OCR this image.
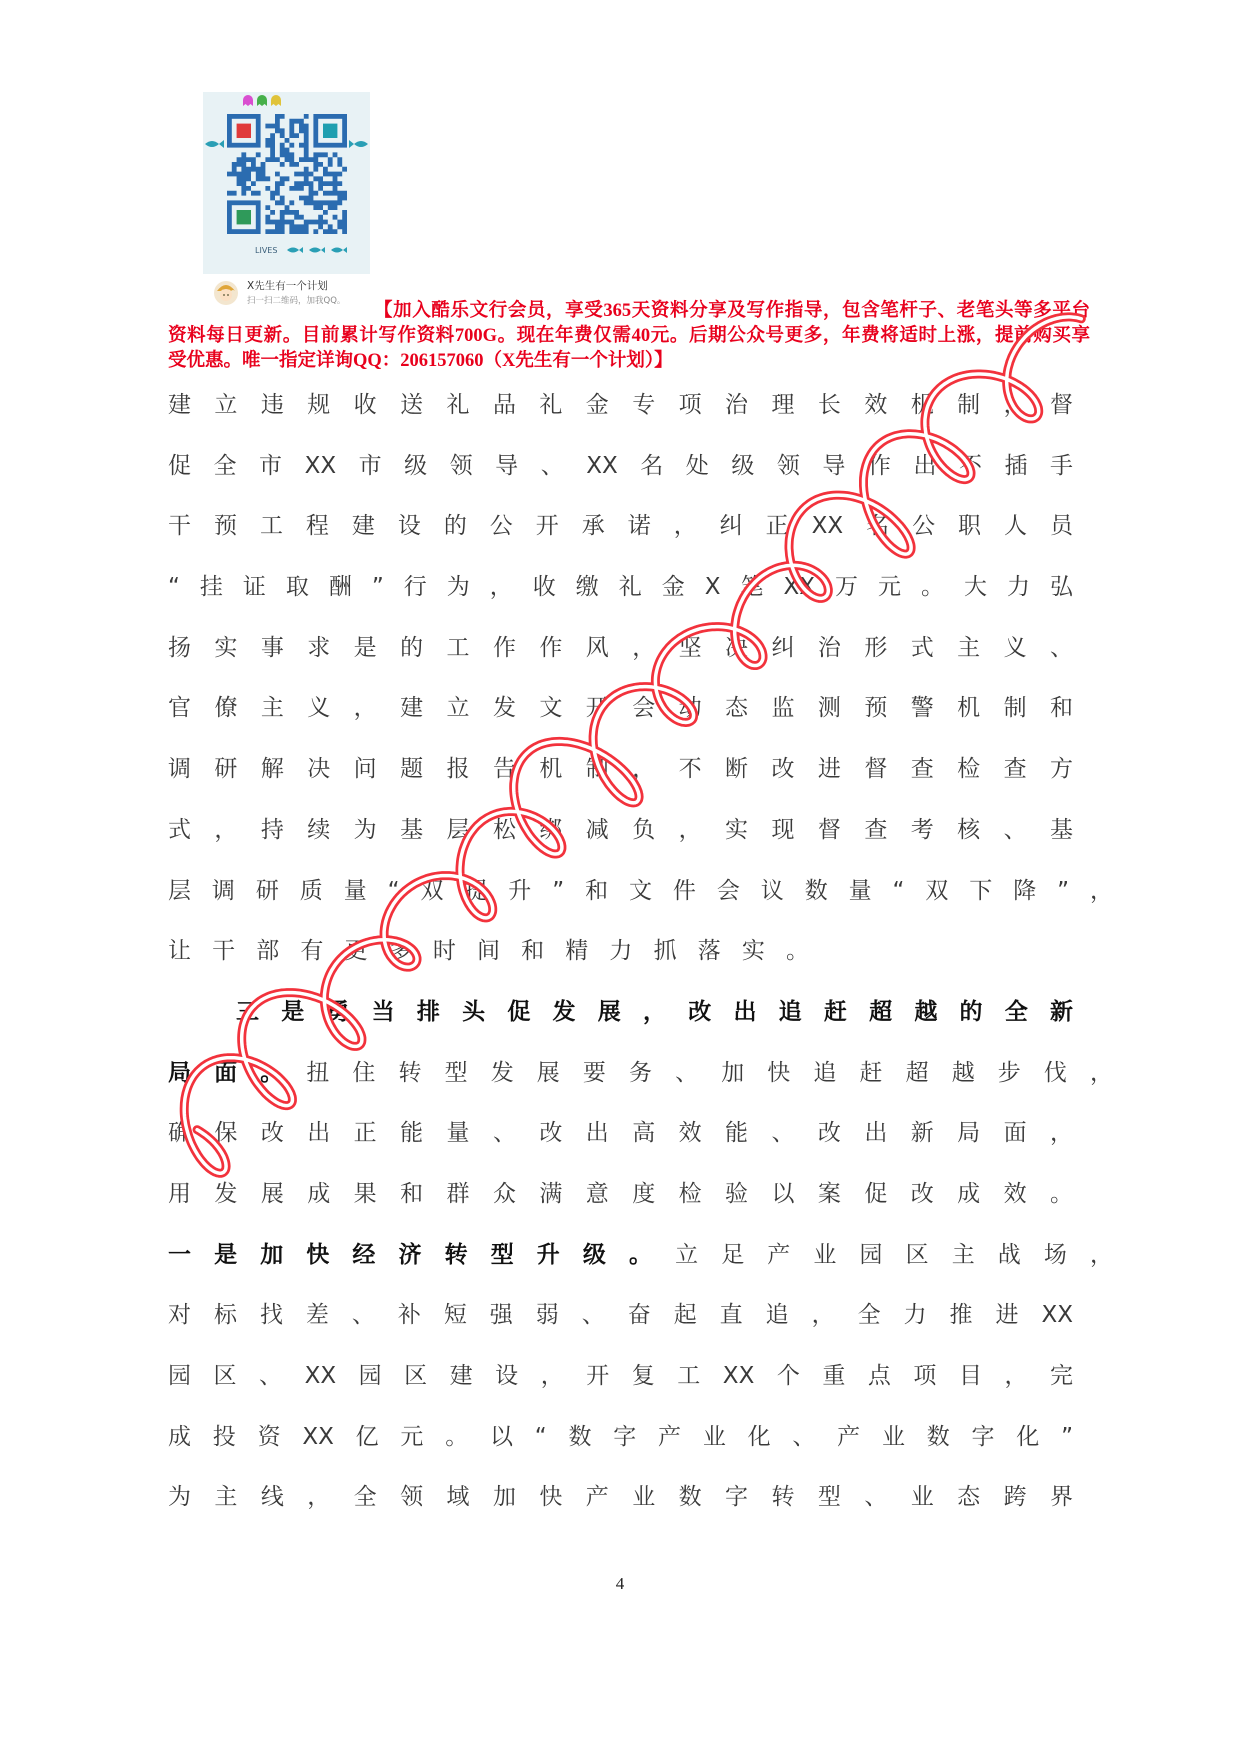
LIVES
X先生有一个计划
扫一扫二维码，加我QQ。 【加入酷乐文行会员，享受365天资料分享及写作指导，包含笔杆子、老笔头等多平台
资料每日更新。目前累计写作资料700G。现在年费仅需40元。后期公众号更多，年费将适时上涨，提前购买享
受优惠。唯一指定详询QQ：206157060（X先生有一个计划）】
建立违规收送礼品礼金专项治理长效机制，督
促全市XX市级领导、XX名处级领导作出不插手
干预工程建设的公开承诺，纠正XX名公职人员
“挂证取酬”行为，收缴礼金X笔XX万元。大力弘
扬实事求是的工作作风，坚决纠治形式主义、
官僚主义，建立发文开会动态监测预警机制和
调研解决问题报告机制，不断改进督查检查方
式，持续为基层松绑减负，实现督查考核、基
层调研质量“双提升”和文件会议数量“双下降”，
让干部有更多时间和精力抓落实。
三是勇当排头促发展，改出追赶超越的全新
局面。扭住转型发展要务、加快追赶超越步伐，
确保改出正能量、改出高效能、改出新局面，
用发展成果和群众满意度检验以案促改成效。
一是加快经济转型升级。立足产业园区主战场，
对标找差、补短强弱、奋起直追，全力推进XX
园区、XX园区建设，开复工XX个重点项目，完
成投资XX亿元。以“数字产业化、产业数字化”
为主线，全领域加快产业数字转型、业态跨界
4
